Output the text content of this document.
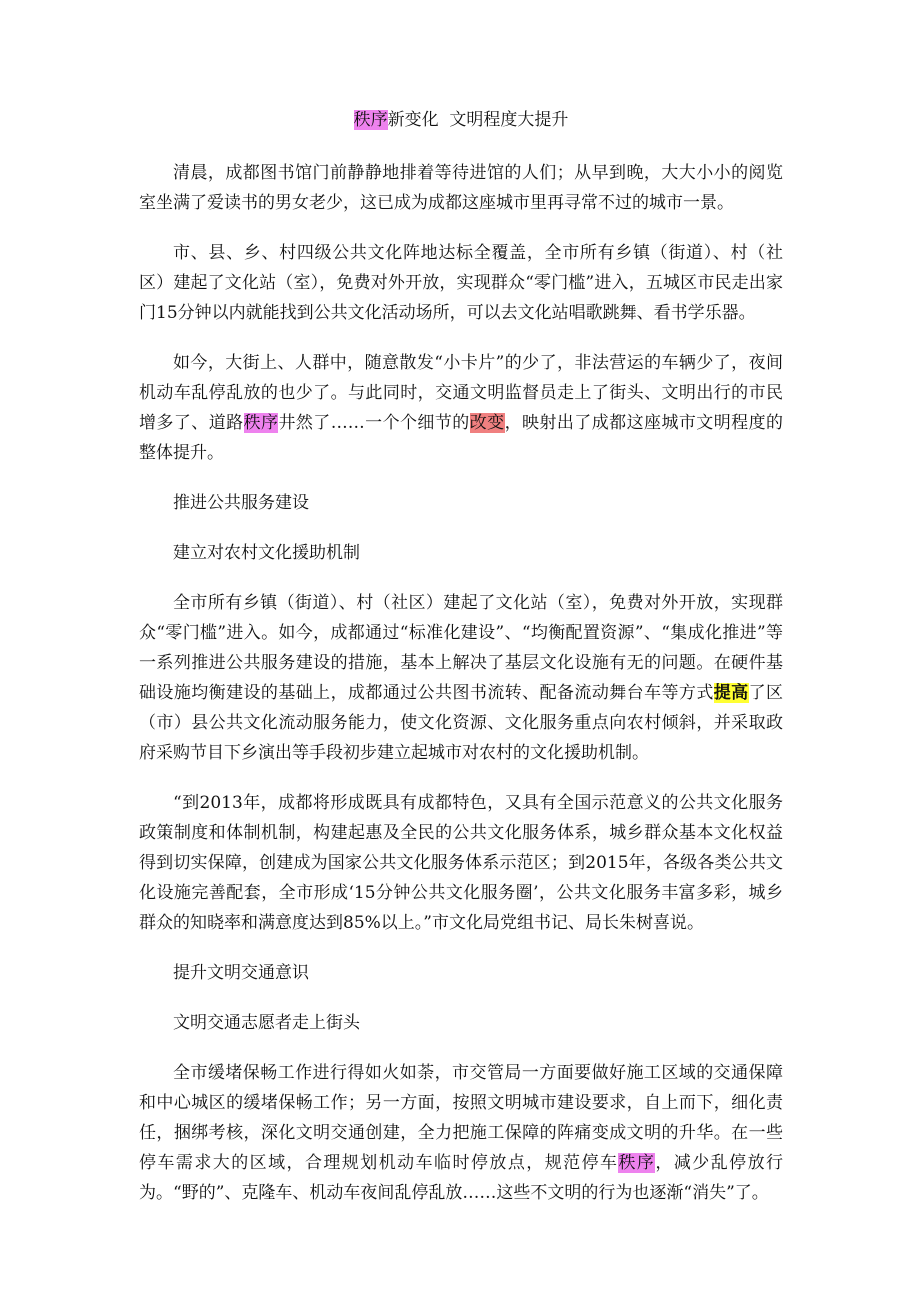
秩序新变化  文明程度大提升

清晨，成都图书馆门前静静地排着等待进馆的人们；从早到晚，大大小小的阅览室坐满了爱读书的男女老少，这已成为成都这座城市里再寻常不过的城市一景。

市、县、乡、村四级公共文化阵地达标全覆盖，全市所有乡镇（街道）、村（社区）建起了文化站（室），免费对外开放，实现群众“零门槛”进入，五城区市民走出家门15分钟以内就能找到公共文化活动场所，可以去文化站唱歌跳舞、看书学乐器。

如今，大街上、人群中，随意散发“小卡片”的少了，非法营运的车辆少了，夜间机动车乱停乱放的也少了。与此同时，交通文明监督员走上了街头、文明出行的市民增多了、道路秩序井然了……一个个细节的改变，映射出了成都这座城市文明程度的整体提升。

推进公共服务建设

建立对农村文化援助机制

全市所有乡镇（街道）、村（社区）建起了文化站（室），免费对外开放，实现群众“零门槛”进入。如今，成都通过“标准化建设”、“均衡配置资源”、“集成化推进”等一系列推进公共服务建设的措施，基本上解决了基层文化设施有无的问题。在硬件基础设施均衡建设的基础上，成都通过公共图书流转、配备流动舞台车等方式提高了区（市）县公共文化流动服务能力，使文化资源、文化服务重点向农村倾斜，并采取政府采购节目下乡演出等手段初步建立起城市对农村的文化援助机制。

“到2013年，成都将形成既具有成都特色，又具有全国示范意义的公共文化服务政策制度和体制机制，构建起惠及全民的公共文化服务体系，城乡群众基本文化权益得到切实保障，创建成为国家公共文化服务体系示范区；到2015年，各级各类公共文化设施完善配套，全市形成‘15分钟公共文化服务圈’，公共文化服务丰富多彩，城乡群众的知晓率和满意度达到85%以上。”市文化局党组书记、局长朱树喜说。

提升文明交通意识

文明交通志愿者走上街头

全市缓堵保畅工作进行得如火如荼，市交管局一方面要做好施工区域的交通保障和中心城区的缓堵保畅工作；另一方面，按照文明城市建设要求，自上而下，细化责任，捆绑考核，深化文明交通创建，全力把施工保障的阵痛变成文明的升华。在一些停车需求大的区域，合理规划机动车临时停放点，规范停车秩序，减少乱停放行为。“野的”、克隆车、机动车夜间乱停乱放……这些不文明的行为也逐渐“消失”了。
